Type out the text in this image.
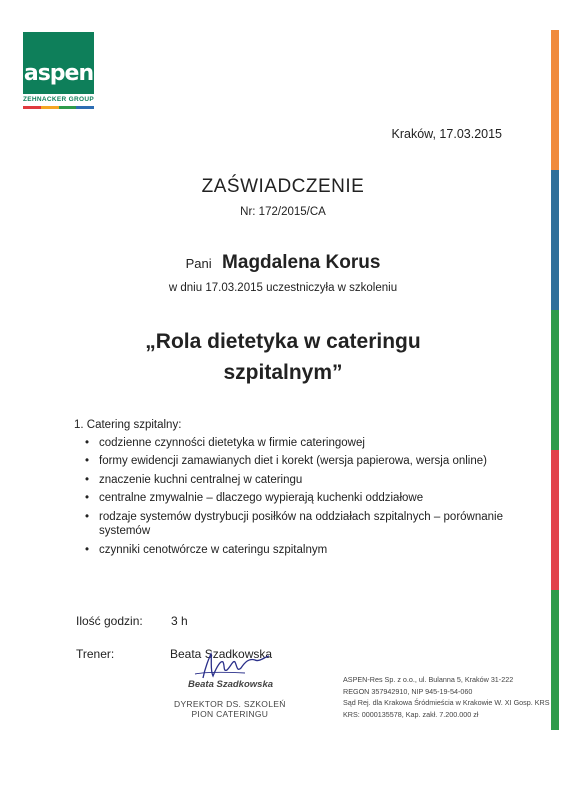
aspen
ZEHNACKER GROUP
Kraków, 17.03.2015
ZAŚWIADCZENIE
Nr: 172/2015/CA
Pani Magdalena Korus
w dniu 17.03.2015 uczestniczyła w szkoleniu
„Rola dietetyka w cateringu
szpitalnym”
1. Catering szpitalny:
• codzienne czynności dietetyka w firmie cateringowej
• formy ewidencji zamawianych diet i korekt (wersja papierowa, wersja online)
• znaczenie kuchni centralnej w cateringu
• centralne zmywalnie – dlaczego wypierają kuchenki oddziałowe
• rodzaje systemów dystrybucji posiłków na oddziałach szpitalnych – porównanie systemów
• czynniki cenotwórcze w cateringu szpitalnym
Ilość godzin: 3 h
Trener:	Beata Szadkowska
Beata Szadkowska
DYREKTOR DS. SZKOLEŃ
PION CATERINGU
ASPEN-Res Sp. z o.o., ul. Bulanna 5, Kraków 31-222
REGON 357942910, NIP 945-19-54-060
Sąd Rej. dla Krakowa Śródmieścia w Krakowie W. XI Gosp. KRS
KRS: 0000135578, Kap. zakł. 7.200.000 zł
